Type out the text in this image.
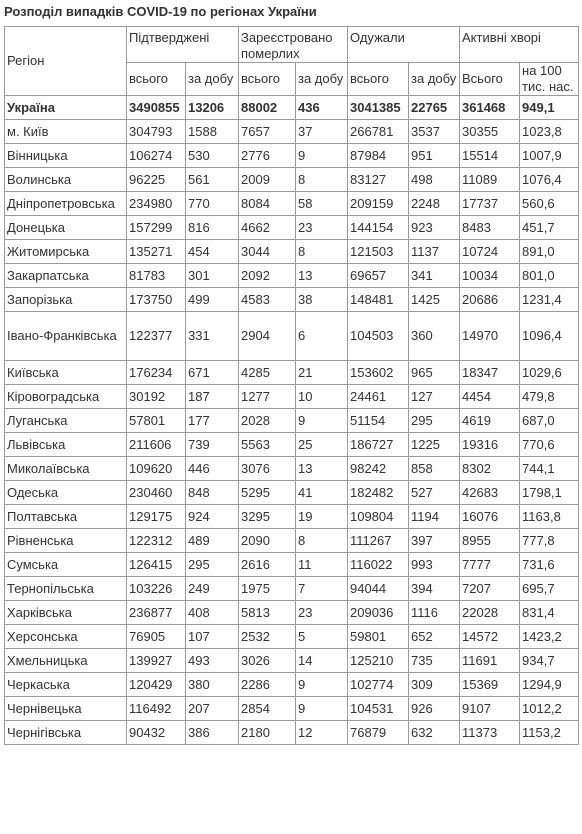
Розподіл випадків COVID-19 по регіонах України
Регіон	Підтверджені		Зареєстровано померлих		Одужали		Активні хворі	
	всього	за добу	всього	за добу	всього	за добу	Всього	на 100 тис. нас.
Україна	3490855	13206	88002	436	3041385	22765	361468	949,1
м. Київ	304793	1588	7657	37	266781	3537	30355	1023,8
Вінницька	106274	530	2776	9	87984	951	15514	1007,9
Волинська	96225	561	2009	8	83127	498	11089	1076,4
Дніпропетровська	234980	770	8084	58	209159	2248	17737	560,6
Донецька	157299	816	4662	23	144154	923	8483	451,7
Житомирська	135271	454	3044	8	121503	1137	10724	891,0
Закарпатська	81783	301	2092	13	69657	341	10034	801,0
Запорізька	173750	499	4583	38	148481	1425	20686	1231,4
Івано-Франківська	122377	331	2904	6	104503	360	14970	1096,4
Київська	176234	671	4285	21	153602	965	18347	1029,6
Кіровоградська	30192	187	1277	10	24461	127	4454	479,8
Луганська	57801	177	2028	9	51154	295	4619	687,0
Львівська	211606	739	5563	25	186727	1225	19316	770,6
Миколаївська	109620	446	3076	13	98242	858	8302	744,1
Одеська	230460	848	5295	41	182482	527	42683	1798,1
Полтавська	129175	924	3295	19	109804	1194	16076	1163,8
Рівненська	122312	489	2090	8	111267	397	8955	777,8
Сумська	126415	295	2616	11	116022	993	7777	731,6
Тернопільська	103226	249	1975	7	94044	394	7207	695,7
Харківська	236877	408	5813	23	209036	1116	22028	831,4
Херсонська	76905	107	2532	5	59801	652	14572	1423,2
Хмельницька	139927	493	3026	14	125210	735	11691	934,7
Черкаська	120429	380	2286	9	102774	309	15369	1294,9
Чернівецька	116492	207	2854	9	104531	926	9107	1012,2
Чернігівська	90432	386	2180	12	76879	632	11373	1153,2
